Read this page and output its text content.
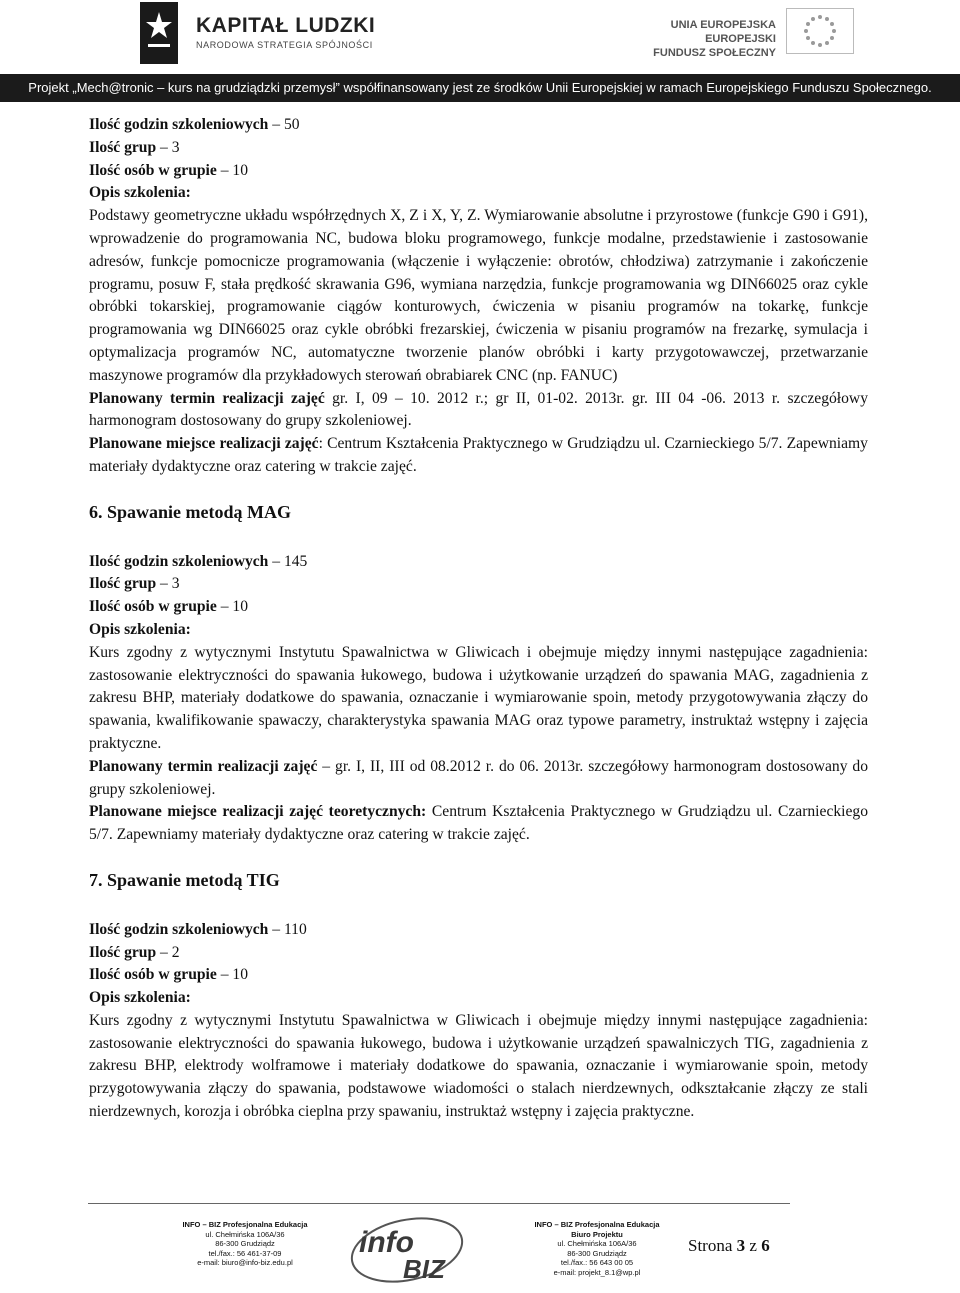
KAPITAŁ LUDZKI
NARODOWA STRATEGIA SPÓJNOŚCI
UNIA EUROPEJSKA
EUROPEJSKI
FUNDUSZ SPOŁECZNY
Projekt „Mech@tronic – kurs na grudziądzki przemysł” współfinansowany jest ze środków Unii Europejskiej w ramach Europejskiego Funduszu Społecznego.

Ilość godzin szkoleniowych – 50

Ilość grup – 3

Ilość osób w grupie – 10

Opis szkolenia:

Podstawy geometryczne układu współrzędnych X, Z i X, Y, Z. Wymiarowanie absolutne i przyrostowe (funkcje G90 i G91), wprowadzenie do programowania NC, budowa bloku programowego, funkcje modalne, przedstawienie i zastosowanie adresów, funkcje pomocnicze programowania (włączenie i wyłączenie: obrotów, chłodziwa) zatrzymanie i zakończenie programu, posuw F, stała prędkość skrawania G96, wymiana narzędzia, funkcje programowania wg DIN66025 oraz cykle obróbki tokarskiej, programowanie ciągów konturowych, ćwiczenia w pisaniu programów na tokarkę, funkcje programowania wg DIN66025 oraz cykle obróbki frezarskiej, ćwiczenia w pisaniu programów na frezarkę, symulacja i optymalizacja programów NC, automatyczne tworzenie planów obróbki i karty przygotowawczej, przetwarzanie maszynowe programów dla przykładowych sterowań obrabiarek CNC (np. FANUC)

Planowany termin realizacji zajęć gr. I, 09 – 10. 2012 r.; gr II, 01-02. 2013r. gr. III 04 -06. 2013 r. szczegółowy harmonogram dostosowany do grupy szkoleniowej.

Planowane miejsce realizacji zajęć: Centrum Kształcenia Praktycznego w Grudziądzu ul. Czarnieckiego 5/7. Zapewniamy materiały dydaktyczne oraz catering w trakcie zajęć.

6. Spawanie metodą MAG

Ilość godzin szkoleniowych – 145

Ilość grup – 3

Ilość osób w grupie – 10

Opis szkolenia:

Kurs zgodny z wytycznymi Instytutu Spawalnictwa w Gliwicach i obejmuje między innymi następujące zagadnienia: zastosowanie elektryczności do spawania łukowego, budowa i użytkowanie urządzeń do spawania MAG, zagadnienia z zakresu BHP, materiały dodatkowe do spawania, oznaczanie i wymiarowanie spoin, metody przygotowywania złączy do spawania, kwalifikowanie spawaczy, charakterystyka spawania MAG oraz typowe parametry, instruktaż wstępny i zajęcia praktyczne.

Planowany termin realizacji zajęć – gr. I, II, III od 08.2012 r. do 06. 2013r. szczegółowy harmonogram dostosowany do grupy szkoleniowej.

Planowane miejsce realizacji zajęć teoretycznych: Centrum Kształcenia Praktycznego w Grudziądzu ul. Czarnieckiego 5/7. Zapewniamy materiały dydaktyczne oraz catering w trakcie zajęć.

7. Spawanie metodą TIG

Ilość godzin szkoleniowych – 110

Ilość grup – 2

Ilość osób w grupie – 10

Opis szkolenia:

Kurs zgodny z wytycznymi Instytutu Spawalnictwa w Gliwicach i obejmuje między innymi następujące zagadnienia: zastosowanie elektryczności do spawania łukowego, budowa i użytkowanie urządzeń spawalniczych TIG, zagadnienia z zakresu BHP, elektrody wolframowe i materiały dodatkowe do spawania, oznaczanie i wymiarowanie spoin, metody przygotowywania złączy do spawania, podstawowe wiadomości o stalach nierdzewnych, odkształcanie złączy ze stali nierdzewnych, korozja i obróbka cieplna przy spawaniu, instruktaż wstępny i zajęcia praktyczne.

INFO – BIZ Profesjonalna Edukacja
ul. Chełmińska 106A/36
86-300 Grudziądz
tel./fax.: 56 461-37-09
e-mail: biuro@info-biz.edu.pl
info
BIZ
INFO – BIZ Profesjonalna Edukacja
Biuro Projektu
ul. Chełmińska 106A/36
86-300 Grudziądz
tel./fax.: 56 643 00 05
e-mail: projekt_8.1@wp.pl
Strona 3 z 6
